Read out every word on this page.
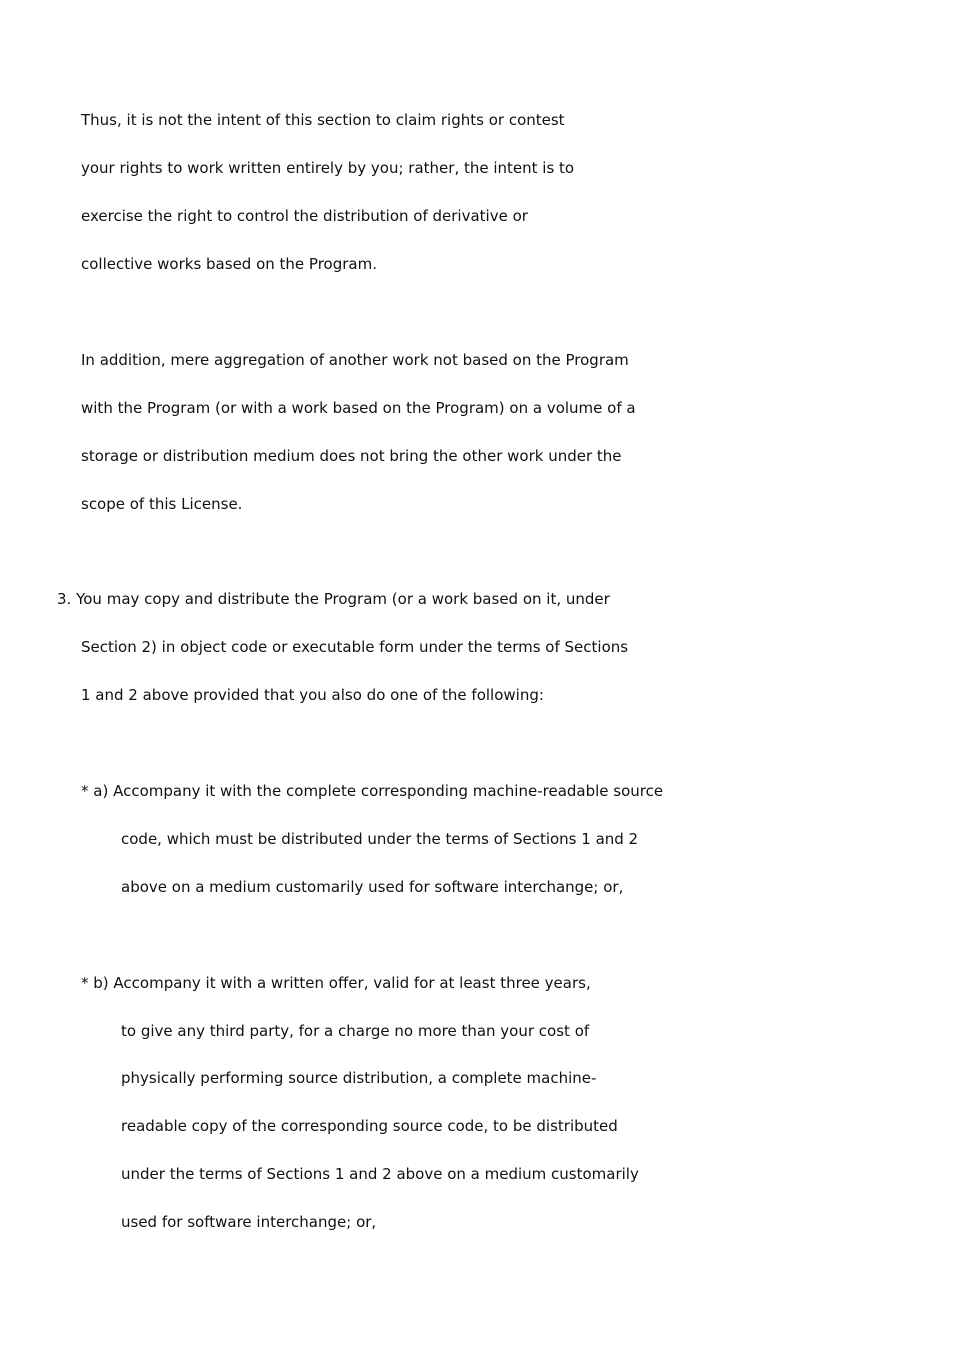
Thus, it is not the intent of this section to claim rights or contest
your rights to work written entirely by you; rather, the intent is to
exercise the right to control the distribution of derivative or
collective works based on the Program.
In addition, mere aggregation of another work not based on the Program
with the Program (or with a work based on the Program) on a volume of a
storage or distribution medium does not bring the other work under the
scope of this License.
3. You may copy and distribute the Program (or a work based on it, under
Section 2) in object code or executable form under the terms of Sections
1 and 2 above provided that you also do one of the following:
* a) Accompany it with the complete corresponding machine-readable source
code, which must be distributed under the terms of Sections 1 and 2
above on a medium customarily used for software interchange; or,
* b) Accompany it with a written offer, valid for at least three years,
to give any third party, for a charge no more than your cost of
physically performing source distribution, a complete machine-
readable copy of the corresponding source code, to be distributed
under the terms of Sections 1 and 2 above on a medium customarily
used for software interchange; or,
